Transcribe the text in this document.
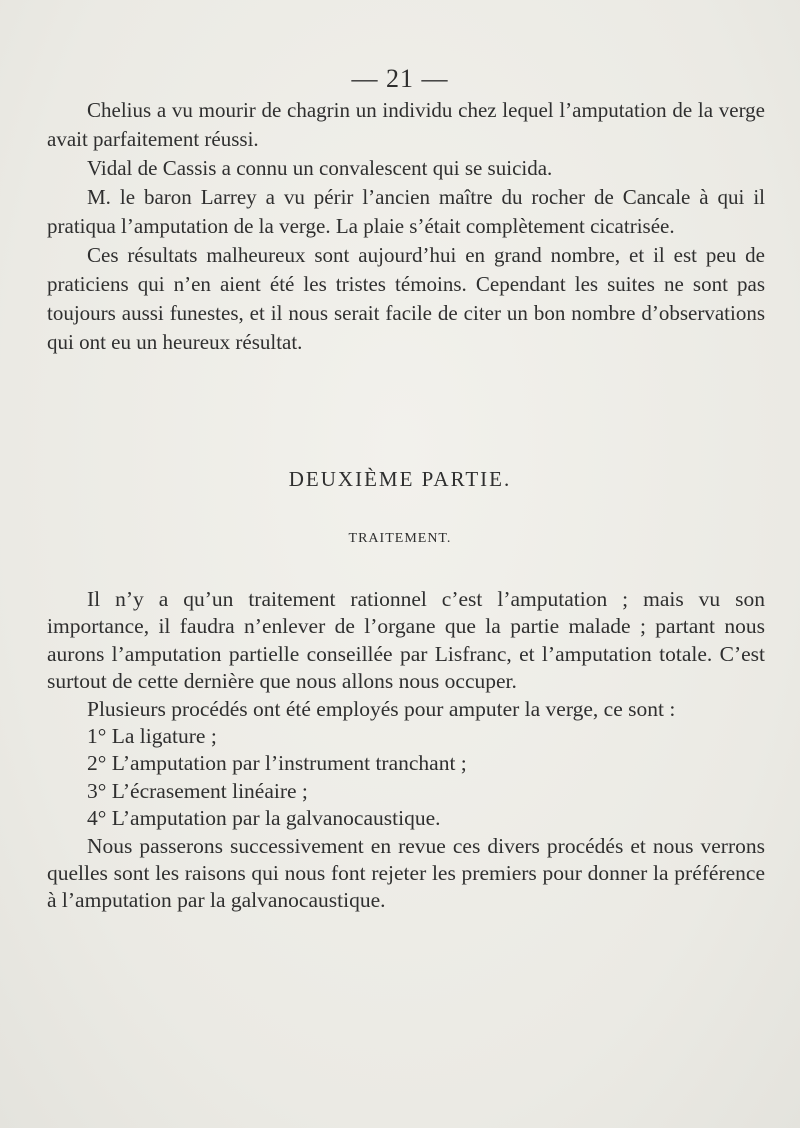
— 21 —

Chelius a vu mourir de chagrin un individu chez lequel l’amputation de la verge avait parfaitement réussi.

Vidal de Cassis a connu un convalescent qui se suicida.

M. le baron Larrey a vu périr l’ancien maître du rocher de Cancale à qui il pratiqua l’amputation de la verge. La plaie s’était complètement cicatrisée.

Ces résultats malheureux sont aujourd’hui en grand nombre, et il est peu de praticiens qui n’en aient été les tristes témoins. Cependant les suites ne sont pas toujours aussi funestes, et il nous serait facile de citer un bon nombre d’observations qui ont eu un heureux résultat.

DEUXIÈME PARTIE.
TRAITEMENT.

Il n’y a qu’un traitement rationnel c’est l’amputation ; mais vu son importance, il faudra n’enlever de l’organe que la partie malade ; partant nous aurons l’amputation partielle conseillée par Lisfranc, et l’amputation totale. C’est surtout de cette dernière que nous allons nous occuper.

Plusieurs procédés ont été employés pour amputer la verge, ce sont :

1° La ligature ;

2° L’amputation par l’instrument tranchant ;

3° L’écrasement linéaire ;

4° L’amputation par la galvanocaustique.

Nous passerons successivement en revue ces divers procédés et nous verrons quelles sont les raisons qui nous font rejeter les premiers pour donner la préférence à l’amputation par la galvanocaustique.
